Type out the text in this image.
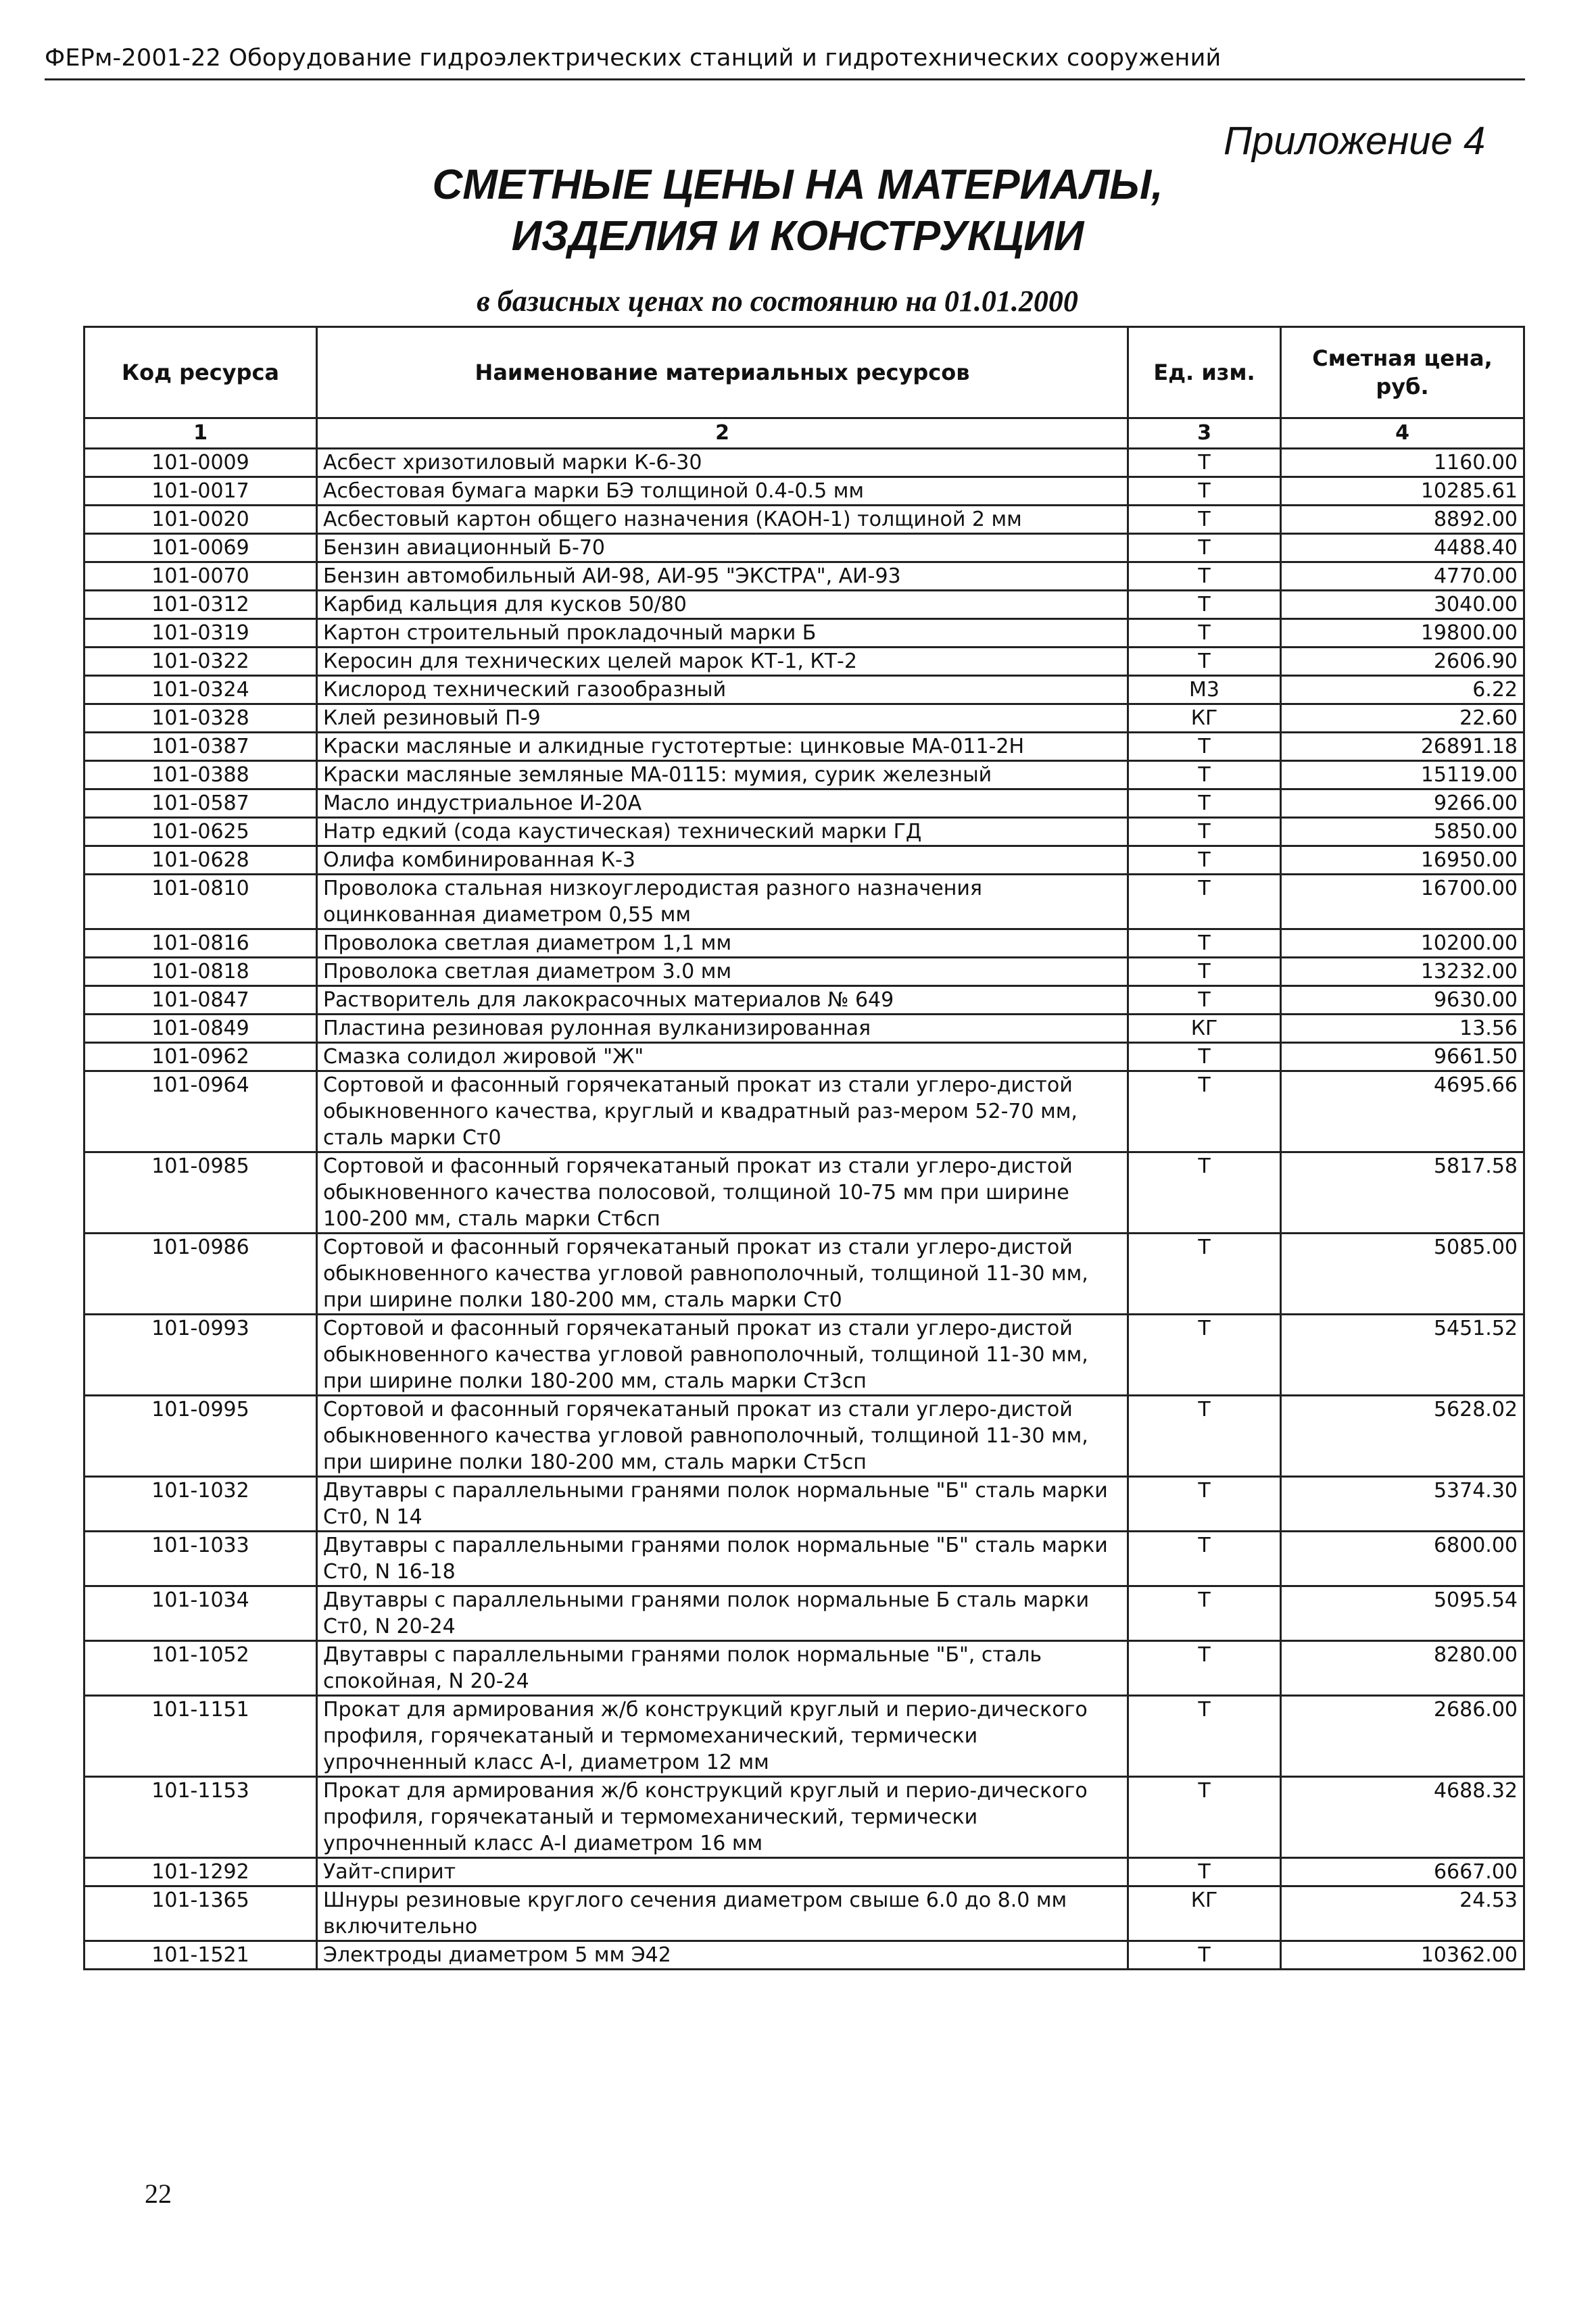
ФЕРм-2001-22 Оборудование гидроэлектрических станций и гидротехнических сооружений
Приложение 4
СМЕТНЫЕ ЦЕНЫ НА МАТЕРИАЛЫ,
ИЗДЕЛИЯ И КОНСТРУКЦИИ
в базисных ценах по состоянию на 01.01.2000
Код ресурса	Наименование материальных ресурсов	Ед. изм.	Сметная цена, руб.
1	2	3	4
101-0009	Асбест хризотиловый марки К-6-30	Т	1160.00
101-0017	Асбестовая бумага марки БЭ толщиной 0.4-0.5 мм	Т	10285.61
101-0020	Асбестовый картон общего назначения (КАОН-1) толщиной 2 мм	Т	8892.00
101-0069	Бензин авиационный Б-70	Т	4488.40
101-0070	Бензин автомобильный АИ-98, АИ-95 "ЭКСТРА", АИ-93	Т	4770.00
101-0312	Карбид кальция для кусков 50/80	Т	3040.00
101-0319	Картон строительный прокладочный марки Б	Т	19800.00
101-0322	Керосин для технических целей марок КТ-1, КТ-2	Т	2606.90
101-0324	Кислород технический газообразный	М3	6.22
101-0328	Клей резиновый П-9	КГ	22.60
101-0387	Краски масляные и алкидные густотертые: цинковые МА-011-2Н	Т	26891.18
101-0388	Краски масляные земляные МА-0115: мумия, сурик железный	Т	15119.00
101-0587	Масло индустриальное И-20А	Т	9266.00
101-0625	Натр едкий (сода каустическая) технический марки ГД	Т	5850.00
101-0628	Олифа комбинированная К-3	Т	16950.00
101-0810	Проволока стальная низкоуглеродистая разного назначения оцинкованная диаметром 0,55 мм	Т	16700.00
101-0816	Проволока светлая диаметром 1,1 мм	Т	10200.00
101-0818	Проволока светлая диаметром 3.0 мм	Т	13232.00
101-0847	Растворитель для лакокрасочных материалов № 649	Т	9630.00
101-0849	Пластина резиновая рулонная вулканизированная	КГ	13.56
101-0962	Смазка солидол жировой "Ж"	Т	9661.50
101-0964	Сортовой и фасонный горячекатаный прокат из стали углеро-дистой обыкновенного качества, круглый и квадратный раз-мером 52-70 мм, сталь марки Ст0	Т	4695.66
101-0985	Сортовой и фасонный горячекатаный прокат из стали углеро-дистой обыкновенного качества полосовой, толщиной 10-75 мм при ширине 100-200 мм, сталь марки Ст6сп	Т	5817.58
101-0986	Сортовой и фасонный горячекатаный прокат из стали углеро-дистой обыкновенного качества угловой равнополочный, толщиной 11-30 мм, при ширине полки 180-200 мм, сталь марки Ст0	Т	5085.00
101-0993	Сортовой и фасонный горячекатаный прокат из стали углеро-дистой обыкновенного качества угловой равнополочный, толщиной 11-30 мм, при ширине полки 180-200 мм, сталь марки Ст3сп	Т	5451.52
101-0995	Сортовой и фасонный горячекатаный прокат из стали углеро-дистой обыкновенного качества угловой равнополочный, толщиной 11-30 мм, при ширине полки 180-200 мм, сталь марки Ст5сп	Т	5628.02
101-1032	Двутавры с параллельными гранями полок нормальные "Б" сталь марки Ст0, N 14	Т	5374.30
101-1033	Двутавры с параллельными гранями полок нормальные "Б" сталь марки Ст0, N 16-18	Т	6800.00
101-1034	Двутавры с параллельными гранями полок нормальные Б сталь марки Ст0, N 20-24	Т	5095.54
101-1052	Двутавры с параллельными гранями полок нормальные "Б", сталь спокойная, N 20-24	Т	8280.00
101-1151	Прокат для армирования ж/б конструкций круглый и перио-дического профиля, горячекатаный и термомеханический, термически упрочненный класс А-I, диаметром 12 мм	Т	2686.00
101-1153	Прокат для армирования ж/б конструкций круглый и перио-дического профиля, горячекатаный и термомеханический, термически упрочненный класс А-I диаметром 16 мм	Т	4688.32
101-1292	Уайт-спирит	Т	6667.00
101-1365	Шнуры резиновые круглого сечения диаметром свыше 6.0 до 8.0 мм включительно	КГ	24.53
101-1521	Электроды диаметром 5 мм Э42	Т	10362.00
22
